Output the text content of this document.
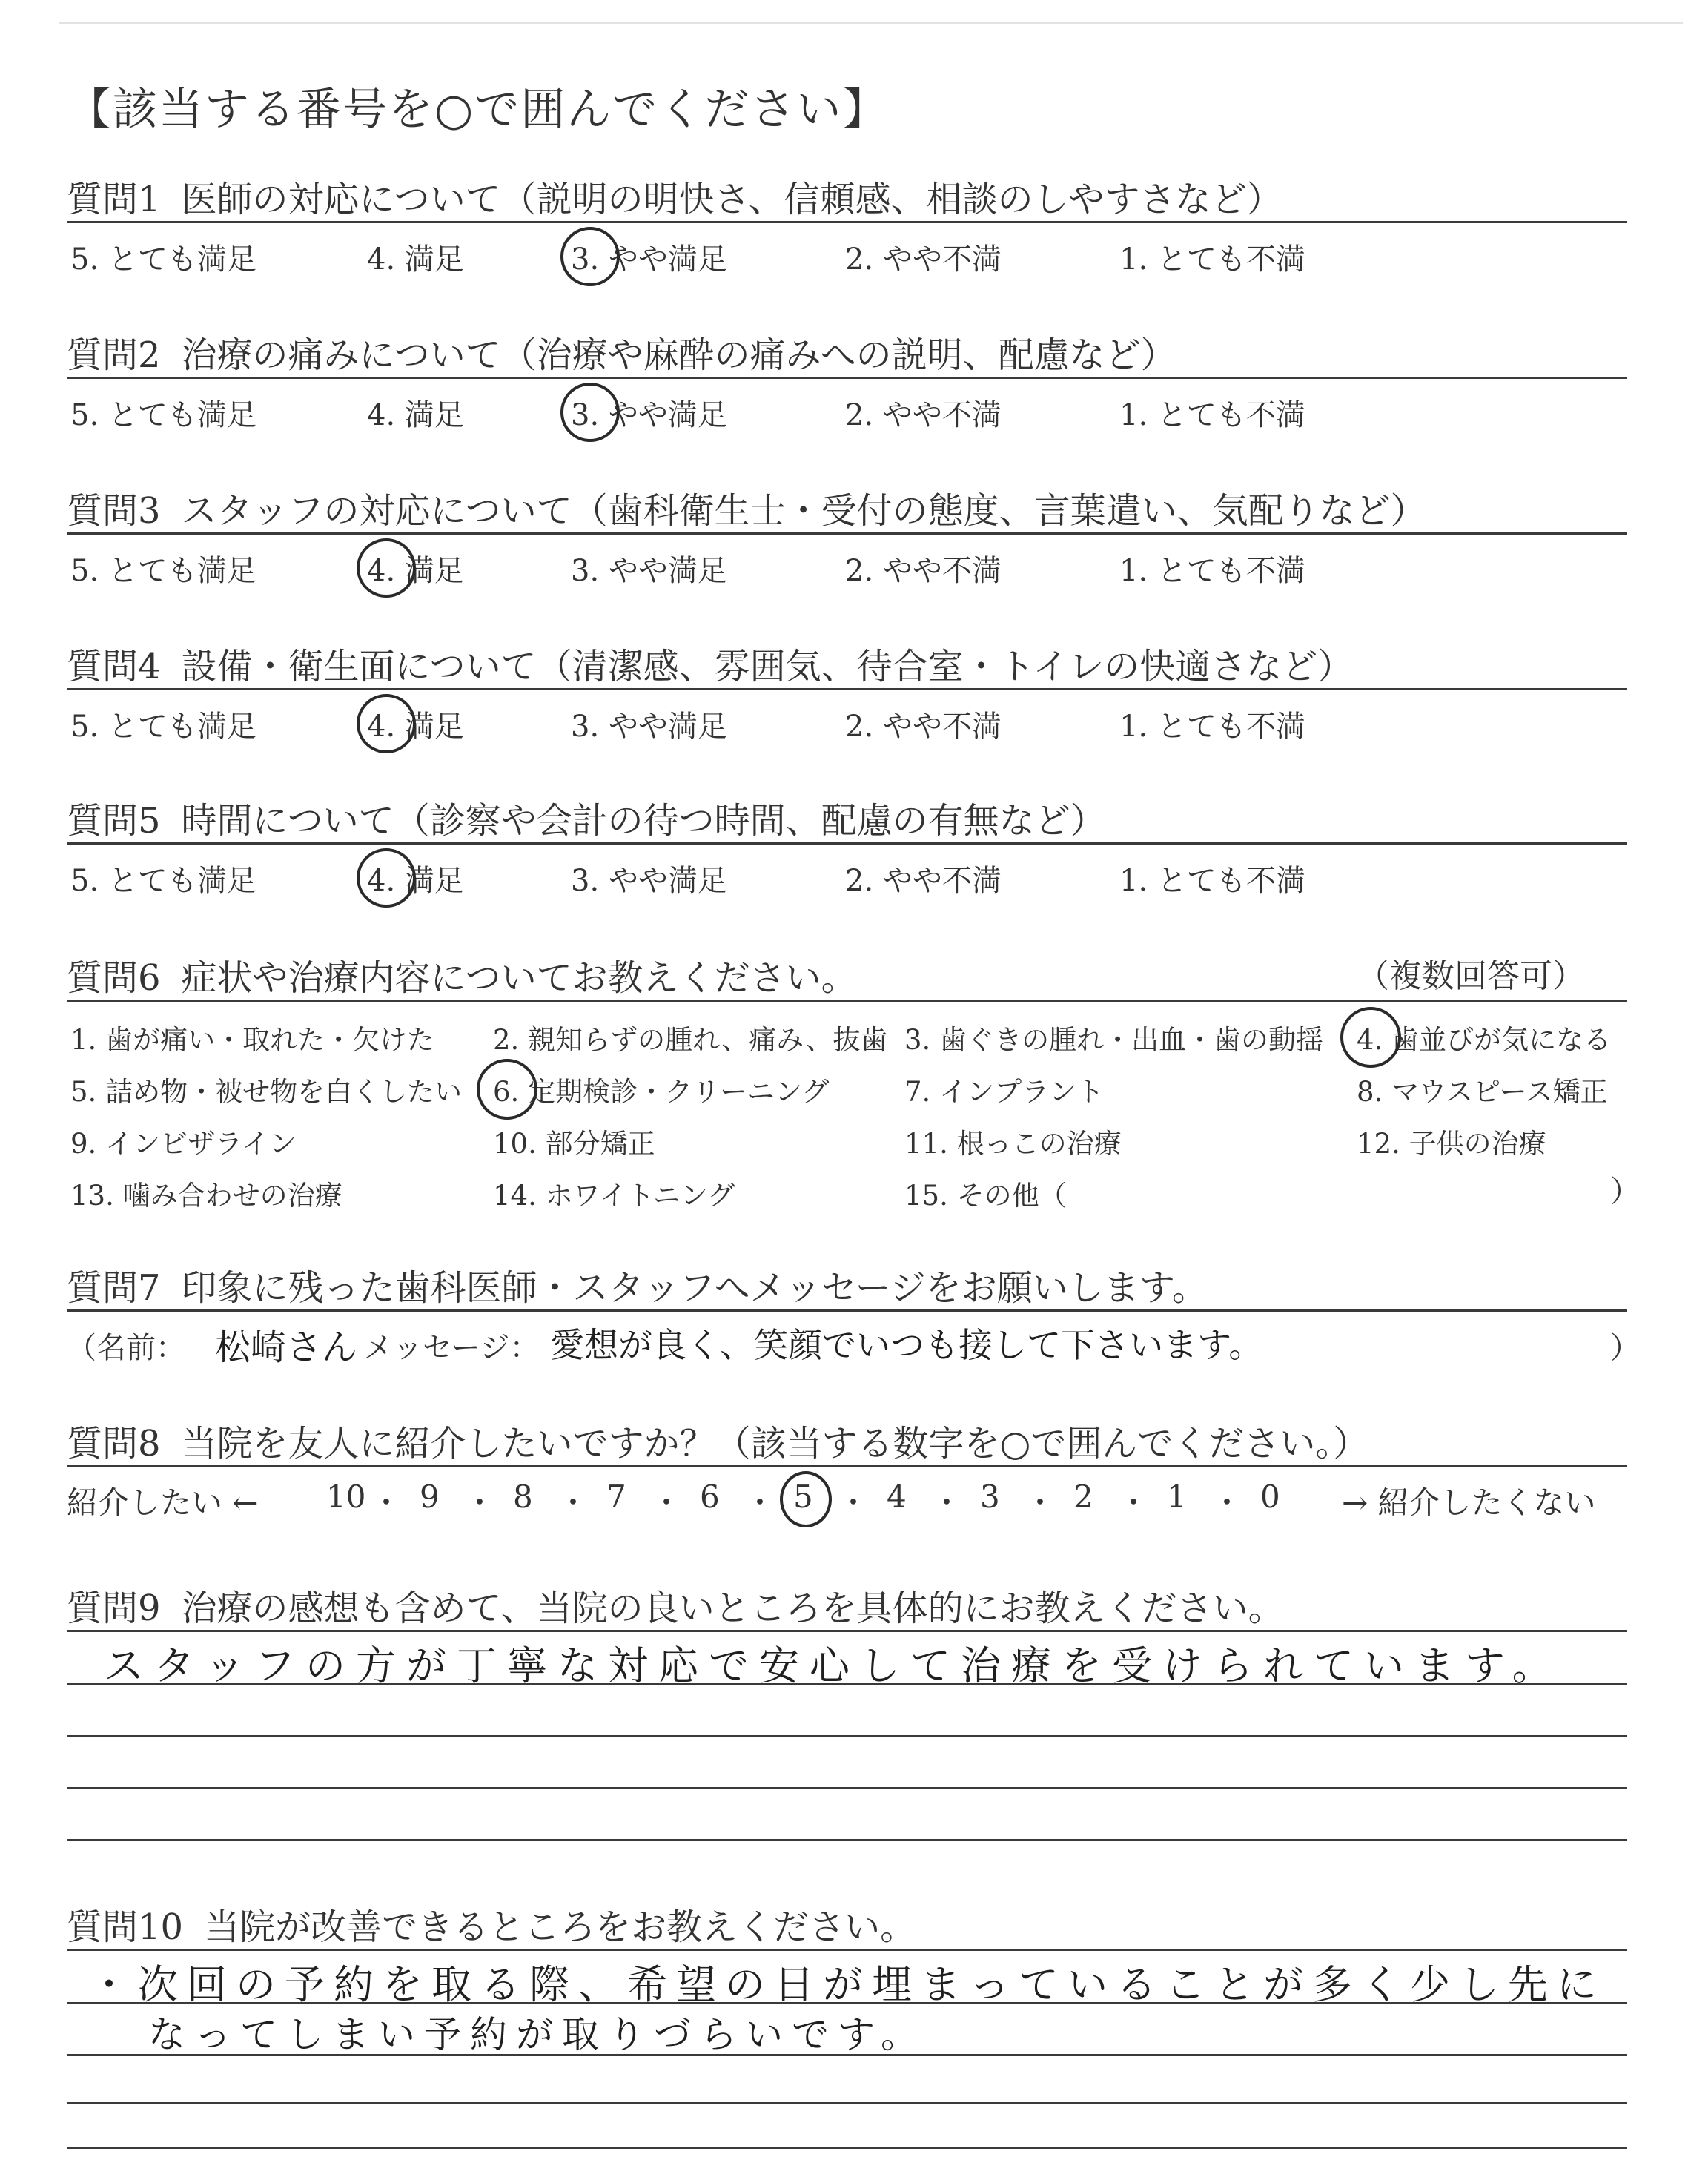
【該当する番号を○で囲んでください】
質問1 医師の対応について（説明の明快さ、信頼感、相談のしやすさなど）
5. とても満足	4. 満足	3. やや満足	2. やや不満	1. とても不満
質問2 治療の痛みについて（治療や麻酔の痛みへの説明、配慮など）
5. とても満足	4. 満足	3. やや満足	2. やや不満	1. とても不満
質問3 スタッフの対応について（歯科衛生士・受付の態度、言葉遣い、気配りなど）
5. とても満足	4. 満足	3. やや満足	2. やや不満	1. とても不満
質問4 設備・衛生面について（清潔感、雰囲気、待合室・トイレの快適さなど）
5. とても満足	4. 満足	3. やや満足	2. やや不満	1. とても不満
質問5 時間について（診察や会計の待つ時間、配慮の有無など）
5. とても満足	4. 満足	3. やや満足	2. やや不満	1. とても不満
質問6 症状や治療内容についてお教えください。	（複数回答可）
1. 歯が痛い・取れた・欠けた 2. 親知らずの腫れ、痛み、抜歯 3. 歯ぐきの腫れ・出血・歯の動揺 4. 歯並びが気になる
5. 詰め物・被せ物を白くしたい 6. 定期検診・クリーニング	7. インプラント	8. マウスピース矯正
9. インビザライン	10. 部分矯正	11. 根っこの治療	12. 子供の治療
13. 噛み合わせの治療	14. ホワイトニング	15. その他（	）
質問7 印象に残った歯科医師・スタッフへメッセージをお願いします。
（名前： 松崎さん メッセージ： 愛想が良く、笑顔でいつも接して下さいます。	）
質問8 当院を友人に紹介したいですか？（該当する数字を○で囲んでください。）
紹介したい ←	→ 紹介したくない
10 ・ 9 ・ 8 ・ 7 ・ 6 ・ 5 ・ 4 ・ 3 ・ 2 ・ 1 ・ 0
質問9 治療の感想も含めて、当院の良いところを具体的にお教えください。
スタッフの方が丁寧な対応で安心して治療を受けられています。
質問10 当院が改善できるところをお教えください。
・次回の予約を取る際、希望の日が埋まっていることが多く少し先に
なってしまい予約が取りづらいです。
